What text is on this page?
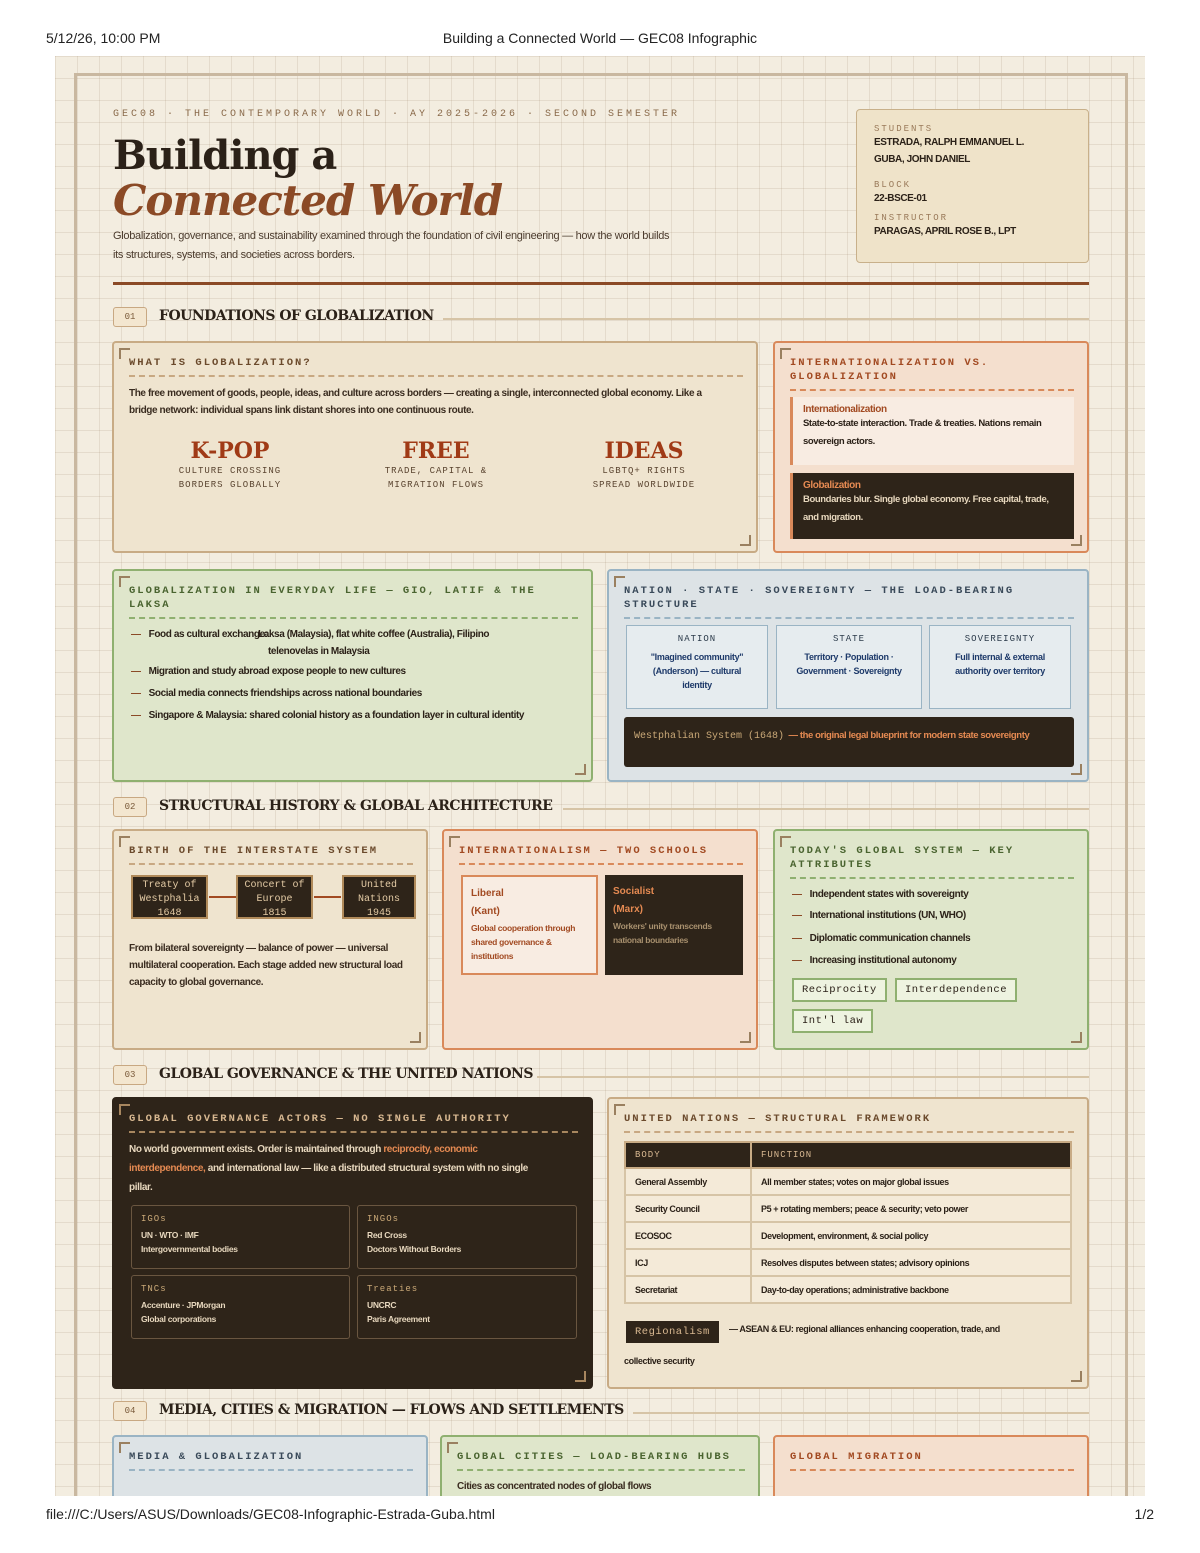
5/12/26, 10:00 PM	Building a Connected World — GEC08 Infographic
GEC08 · THE CONTEMPORARY WORLD · AY 2025-2026 · SECOND SEMESTER
Building a
Connected World
Globalization, governance, and sustainability examined through the foundation of civil engineering — how the world builds its structures, systems, and societies across borders.
STUDENTS
ESTRADA, RALPH EMMANUEL L.
GUBA, JOHN DANIEL
BLOCK
22-BSCE-01
INSTRUCTOR
PARAGAS, APRIL ROSE B., LPT
01	FOUNDATIONS OF GLOBALIZATION
WHAT IS GLOBALIZATION?
The free movement of goods, people, ideas, and culture across borders — creating a single, interconnected global economy. Like a bridge network: individual spans link distant shores into one continuous route.
K-POP
CULTURE CROSSING
BORDERS GLOBALLY
FREE
TRADE, CAPITAL &
MIGRATION FLOWS
IDEAS
LGBTQ+ RIGHTS
SPREAD WORLDWIDE
INTERNATIONALIZATION VS.
GLOBALIZATION
Internationalization
State-to-state interaction. Trade & treaties. Nations remain sovereign actors.
Globalization
Boundaries blur. Single global economy. Free capital, trade, and migration.
GLOBALIZATION IN EVERYDAY LIFE — GIO, LATIF & THE
LAKSA
— Food as cultural exchange:
Laksa (Malaysia), flat white coffee (Australia), Filipino
telenovelas in Malaysia
— Migration and study abroad expose people to new cultures
— Social media connects friendships across national boundaries
— Singapore & Malaysia: shared colonial history as a foundation layer in cultural identity
NATION · STATE · SOVEREIGNTY — THE LOAD-BEARING
STRUCTURE
NATION
"Imagined community" (Anderson) — cultural identity
STATE
Territory · Population · Government · Sovereignty
SOVEREIGNTY
Full internal & external authority over territory
Westphalian System (1648) — the original legal blueprint for modern state sovereignty
02	STRUCTURAL HISTORY & GLOBAL ARCHITECTURE
BIRTH OF THE INTERSTATE SYSTEM
Treaty of
Westphalia
1648
Concert of
Europe
1815
United
Nations
1945
From bilateral sovereignty — balance of power — universal multilateral cooperation. Each stage added new structural load capacity to global governance.
INTERNATIONALISM — TWO SCHOOLS
Liberal
(Kant)
Global cooperation through shared governance & institutions
Socialist
(Marx)
Workers' unity transcends national boundaries
TODAY'S GLOBAL SYSTEM — KEY
ATTRIBUTES
— Independent states with sovereignty
— International institutions (UN, WHO)
— Diplomatic communication channels
— Increasing institutional autonomy
Reciprocity	Interdependence
Int'l law
03	GLOBAL GOVERNANCE & THE UNITED NATIONS
GLOBAL GOVERNANCE ACTORS — NO SINGLE AUTHORITY
No world government exists. Order is maintained through reciprocity, economic interdependence, and international law — like a distributed structural system with no single pillar.
IGOs
UN · WTO · IMF
Intergovernmental bodies
INGOs
Red Cross
Doctors Without Borders
TNCs
Accenture · JPMorgan
Global corporations
Treaties
UNCRC
Paris Agreement
UNITED NATIONS — STRUCTURAL FRAMEWORK
BODY	FUNCTION
General Assembly	All member states; votes on major global issues
Security Council	P5 + rotating members; peace & security; veto power
ECOSOC	Development, environment, & social policy
ICJ	Resolves disputes between states; advisory opinions
Secretariat	Day-to-day operations; administrative backbone
Regionalism	— ASEAN & EU: regional alliances enhancing cooperation, trade, and
collective security
04	MEDIA, CITIES & MIGRATION — FLOWS AND SETTLEMENTS
MEDIA & GLOBALIZATION	GLOBAL CITIES — LOAD-BEARING HUBS
Cities as concentrated nodes of global flows
GLOBAL MIGRATION
file:///C:/Users/ASUS/Downloads/GEC08-Infographic-Estrada-Guba.html	1/2
